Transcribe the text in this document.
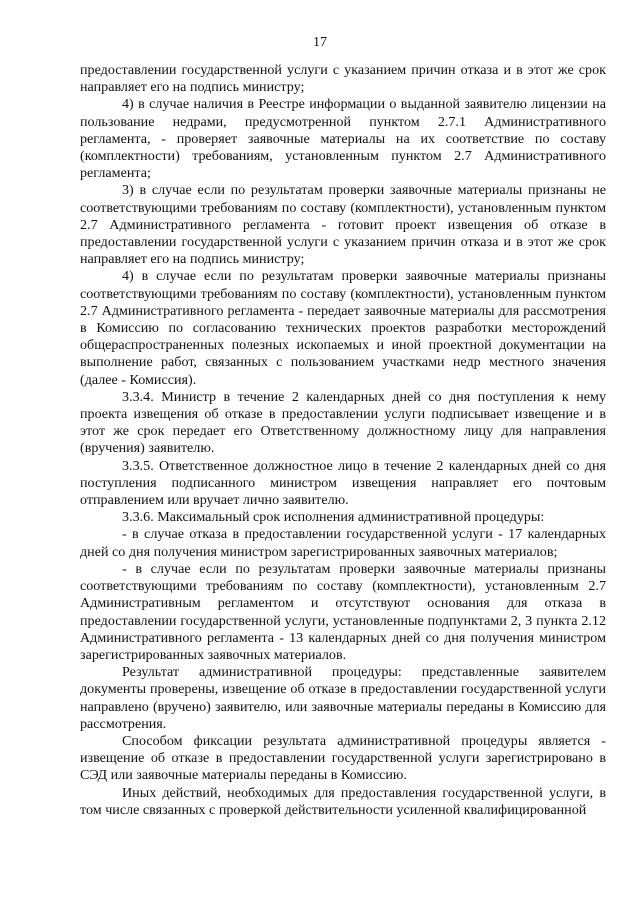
17

предоставлении государственной услуги с указанием причин отказа и в этот же срок направляет его на подпись министру;

4) в случае наличия в Реестре информации о выданной заявителю лицензии на пользование недрами, предусмотренной пунктом 2.7.1 Административного регламента, - проверяет заявочные материалы на их соответствие по составу (комплектности) требованиям, установленным пунктом 2.7 Административного регламента;

3) в случае если по результатам проверки заявочные материалы признаны не соответствующими требованиям по составу (комплектности), установленным пунктом 2.7 Административного регламента - готовит проект извещения об отказе в предоставлении государственной услуги с указанием причин отказа и в этот же срок направляет его на подпись министру;

4) в случае если по результатам проверки заявочные материалы признаны соответствующими требованиям по составу (комплектности), установленным пунктом 2.7 Административного регламента - передает заявочные материалы для рассмотрения в Комиссию по согласованию технических проектов разработки месторождений общераспространенных полезных ископаемых и иной проектной документации на выполнение работ, связанных с пользованием участками недр местного значения (далее - Комиссия).

3.3.4. Министр в течение 2 календарных дней со дня поступления к нему проекта извещения об отказе в предоставлении услуги подписывает извещение и в этот же срок передает его Ответственному должностному лицу для направления (вручения) заявителю.

3.3.5. Ответственное должностное лицо в течение 2 календарных дней со дня поступления подписанного министром извещения направляет его почтовым отправлением или вручает лично заявителю.

3.3.6. Максимальный срок исполнения административной процедуры:

- в случае отказа в предоставлении государственной услуги - 17 календарных дней со дня получения министром зарегистрированных заявочных материалов;

- в случае если по результатам проверки заявочные материалы признаны соответствующими требованиям по составу (комплектности), установленным 2.7 Административным регламентом и отсутствуют основания для отказа в предоставлении государственной услуги, установленные подпунктами 2, 3 пункта 2.12 Административного регламента - 13 календарных дней со дня получения министром зарегистрированных заявочных материалов.

Результат административной процедуры: представленные заявителем документы проверены, извещение об отказе в предоставлении государственной услуги направлено (вручено) заявителю, или заявочные материалы переданы в Комиссию для рассмотрения.

Способом фиксации результата административной процедуры является - извещение об отказе в предоставлении государственной услуги зарегистрировано в СЭД или заявочные материалы переданы в Комиссию.

Иных действий, необходимых для предоставления государственной услуги, в том числе связанных с проверкой действительности усиленной квалифицированной
